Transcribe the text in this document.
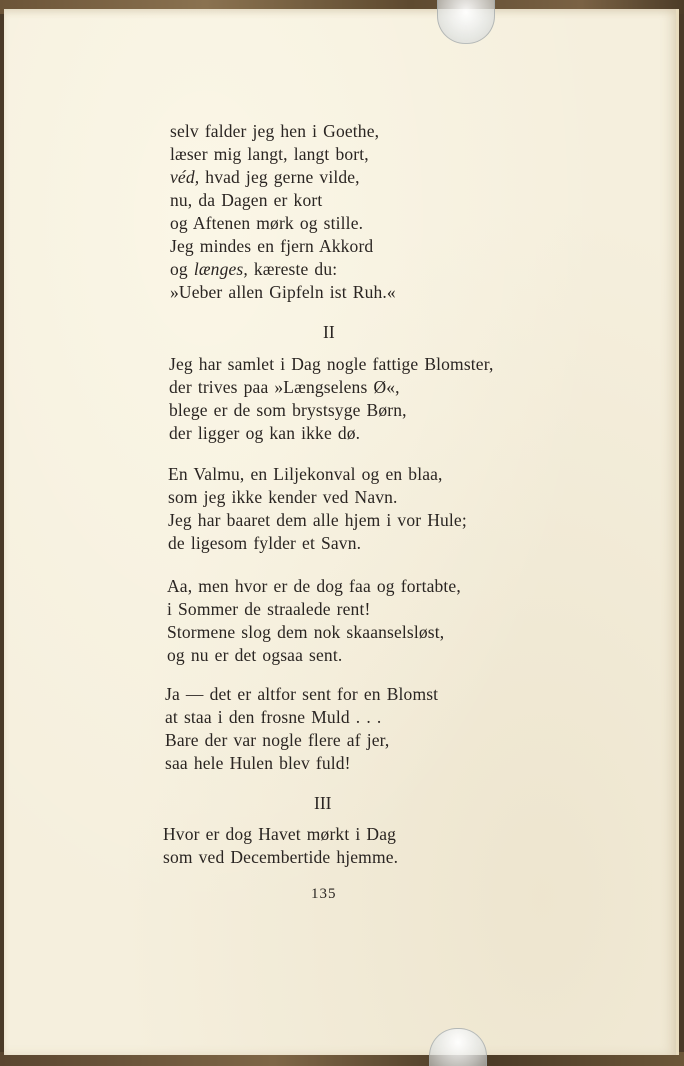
selv falder jeg hen i Goethe,
læser mig langt, langt bort,
véd, hvad jeg gerne vilde,
nu, da Dagen er kort
og Aftenen mørk og stille.
Jeg mindes en fjern Akkord
og længes, kæreste du:
»Ueber allen Gipfeln ist Ruh.«
II
Jeg har samlet i Dag nogle fattige Blomster,
der trives paa »Længselens Ø«,
blege er de som brystsyge Børn,
der ligger og kan ikke dø.
En Valmu, en Liljekonval og en blaa,
som jeg ikke kender ved Navn.
Jeg har baaret dem alle hjem i vor Hule;
de ligesom fylder et Savn.
Aa, men hvor er de dog faa og fortabte,
i Sommer de straalede rent!
Stormene slog dem nok skaanselsløst,
og nu er det ogsaa sent.
Ja — det er altfor sent for en Blomst
at staa i den frosne Muld . . .
Bare der var nogle flere af jer,
saa hele Hulen blev fuld!
III
Hvor er dog Havet mørkt i Dag
som ved Decembertide hjemme.
135
